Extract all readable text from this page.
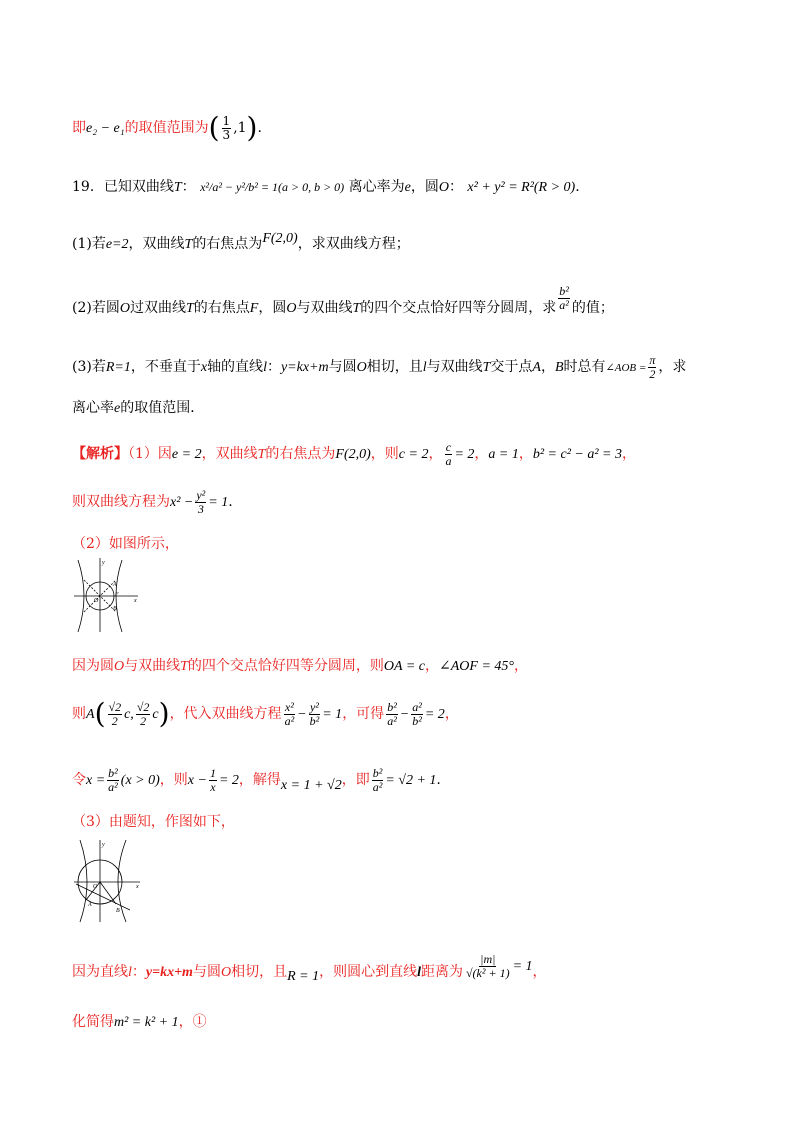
即e₂ − e₁的取值范围为( $\frac{1}{3} ,1$).
19．已知双曲线T： x²/a² − y²/b² = 1(a > 0, b > 0) 离心率为e，圆O： x² + y² = R²(R > 0).
(1)若e=2，双曲线T的右焦点为F(2,0)，求双曲线方程；
(2)若圆O过双曲线T的右焦点F，圆O与双曲线T的四个交点恰好四等分圆周，求 $\frac{\text{b²}}{\text{a²}}$ 的值；
(3)若R=1，不垂直于x轴的直线l：y=kx+m与圆O相切，且l与双曲线T交于点A，B时总有∠AOB = $\frac{\pi}{2}$ ，求
离心率e的取值范围．
【解析】（1）因e = 2，双曲线T的右焦点为F(2,0)，则c = 2， $\frac{c}{a} = 2$，a = 1，b² = c² − a² = 3，
则双曲线方程为$x^2 - \frac{\text{y²}}{3} = 1$.
（2）如图所示，
y
x
O
A
F
B
因为圆O与双曲线T的四个交点恰好四等分圆周，则OA = c，∠AOF = 45°，
则$A( \frac{√2}{2} c$, $\frac{√2}{2} c$)，代入双曲线方程 $\frac{\text{x²}}{\text{a²}} - \frac{\text{y²}}{\text{b²}} = 1$，可得 $\frac{\text{b²}}{\text{a²}} - \frac{\text{a²}}{\text{b²}} = 2$，
令$x = \frac{\text{b²}}{\text{a²}} (x > 0)$，则$x - \frac{1}{x} = 2$，解得x = 1 + √2，即 $\frac{\text{b²}}{\text{a²}} = √2 + 1$.
（3）由题知，作图如下，
y
x
O
A
B
因为直线l：y=kx+m与圆O相切，且R = 1，则圆心到直线l距离为 $\frac{|m|}{\text{√(k² + 1)}} = 1$，
化简得m² = k² + 1，①
